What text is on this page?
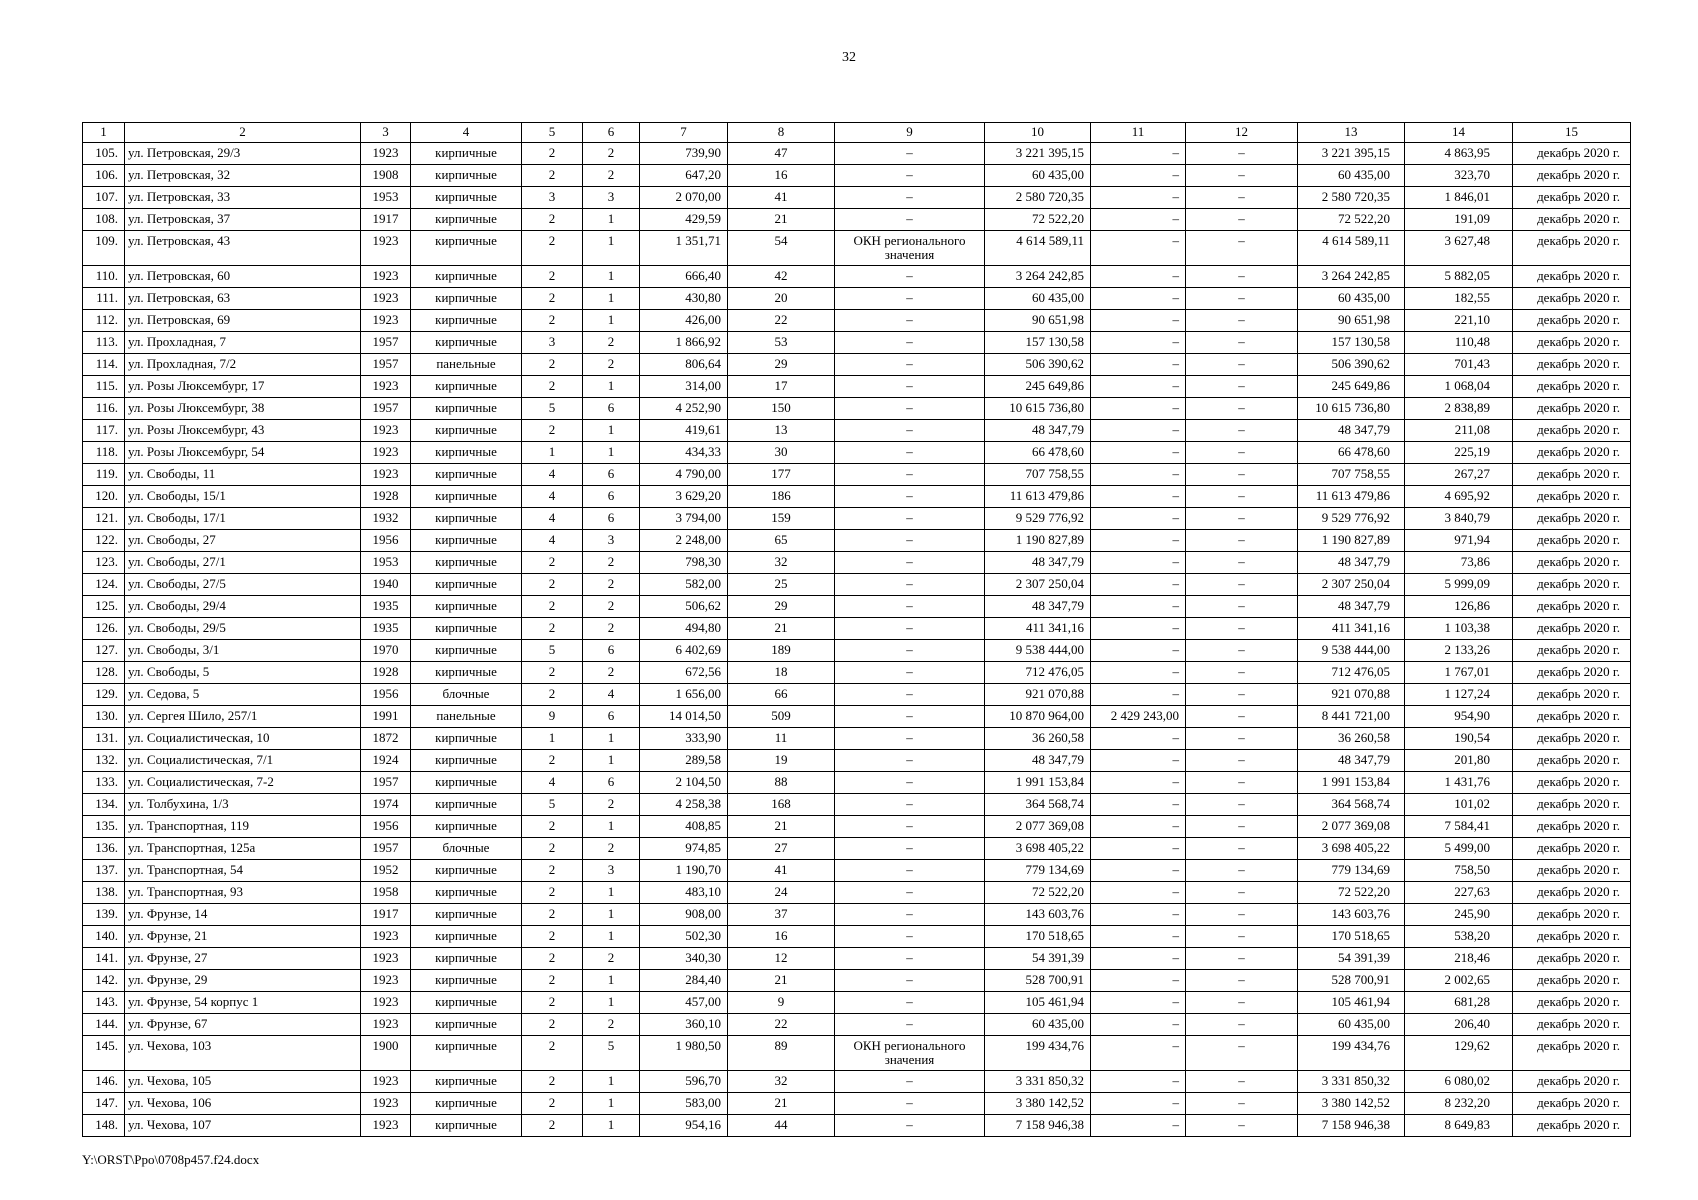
32
1	2	3	4	5	6	7	8	9	10	11	12	13	14	15
105.	ул. Петровская, 29/3	1923	кирпичные	2	2	739,90	47	–	3 221 395,15	–	–	3 221 395,15	4 863,95	декабрь 2020 г.
106.	ул. Петровская, 32	1908	кирпичные	2	2	647,20	16	–	60 435,00	–	–	60 435,00	323,70	декабрь 2020 г.
107.	ул. Петровская, 33	1953	кирпичные	3	3	2 070,00	41	–	2 580 720,35	–	–	2 580 720,35	1 846,01	декабрь 2020 г.
108.	ул. Петровская, 37	1917	кирпичные	2	1	429,59	21	–	72 522,20	–	–	72 522,20	191,09	декабрь 2020 г.
109.	ул. Петровская, 43	1923	кирпичные	2	1	1 351,71	54	ОКН регионального значения	4 614 589,11	–	–	4 614 589,11	3 627,48	декабрь 2020 г.
110.	ул. Петровская, 60	1923	кирпичные	2	1	666,40	42	–	3 264 242,85	–	–	3 264 242,85	5 882,05	декабрь 2020 г.
111.	ул. Петровская, 63	1923	кирпичные	2	1	430,80	20	–	60 435,00	–	–	60 435,00	182,55	декабрь 2020 г.
112.	ул. Петровская, 69	1923	кирпичные	2	1	426,00	22	–	90 651,98	–	–	90 651,98	221,10	декабрь 2020 г.
113.	ул. Прохладная, 7	1957	кирпичные	3	2	1 866,92	53	–	157 130,58	–	–	157 130,58	110,48	декабрь 2020 г.
114.	ул. Прохладная, 7/2	1957	панельные	2	2	806,64	29	–	506 390,62	–	–	506 390,62	701,43	декабрь 2020 г.
115.	ул. Розы Люксембург, 17	1923	кирпичные	2	1	314,00	17	–	245 649,86	–	–	245 649,86	1 068,04	декабрь 2020 г.
116.	ул. Розы Люксембург, 38	1957	кирпичные	5	6	4 252,90	150	–	10 615 736,80	–	–	10 615 736,80	2 838,89	декабрь 2020 г.
117.	ул. Розы Люксембург, 43	1923	кирпичные	2	1	419,61	13	–	48 347,79	–	–	48 347,79	211,08	декабрь 2020 г.
118.	ул. Розы Люксембург, 54	1923	кирпичные	1	1	434,33	30	–	66 478,60	–	–	66 478,60	225,19	декабрь 2020 г.
119.	ул. Свободы, 11	1923	кирпичные	4	6	4 790,00	177	–	707 758,55	–	–	707 758,55	267,27	декабрь 2020 г.
120.	ул. Свободы, 15/1	1928	кирпичные	4	6	3 629,20	186	–	11 613 479,86	–	–	11 613 479,86	4 695,92	декабрь 2020 г.
121.	ул. Свободы, 17/1	1932	кирпичные	4	6	3 794,00	159	–	9 529 776,92	–	–	9 529 776,92	3 840,79	декабрь 2020 г.
122.	ул. Свободы, 27	1956	кирпичные	4	3	2 248,00	65	–	1 190 827,89	–	–	1 190 827,89	971,94	декабрь 2020 г.
123.	ул. Свободы, 27/1	1953	кирпичные	2	2	798,30	32	–	48 347,79	–	–	48 347,79	73,86	декабрь 2020 г.
124.	ул. Свободы, 27/5	1940	кирпичные	2	2	582,00	25	–	2 307 250,04	–	–	2 307 250,04	5 999,09	декабрь 2020 г.
125.	ул. Свободы, 29/4	1935	кирпичные	2	2	506,62	29	–	48 347,79	–	–	48 347,79	126,86	декабрь 2020 г.
126.	ул. Свободы, 29/5	1935	кирпичные	2	2	494,80	21	–	411 341,16	–	–	411 341,16	1 103,38	декабрь 2020 г.
127.	ул. Свободы, 3/1	1970	кирпичные	5	6	6 402,69	189	–	9 538 444,00	–	–	9 538 444,00	2 133,26	декабрь 2020 г.
128.	ул. Свободы, 5	1928	кирпичные	2	2	672,56	18	–	712 476,05	–	–	712 476,05	1 767,01	декабрь 2020 г.
129.	ул. Седова, 5	1956	блочные	2	4	1 656,00	66	–	921 070,88	–	–	921 070,88	1 127,24	декабрь 2020 г.
130.	ул. Сергея Шило, 257/1	1991	панельные	9	6	14 014,50	509	–	10 870 964,00	2 429 243,00	–	8 441 721,00	954,90	декабрь 2020 г.
131.	ул. Социалистическая, 10	1872	кирпичные	1	1	333,90	11	–	36 260,58	–	–	36 260,58	190,54	декабрь 2020 г.
132.	ул. Социалистическая, 7/1	1924	кирпичные	2	1	289,58	19	–	48 347,79	–	–	48 347,79	201,80	декабрь 2020 г.
133.	ул. Социалистическая, 7-2	1957	кирпичные	4	6	2 104,50	88	–	1 991 153,84	–	–	1 991 153,84	1 431,76	декабрь 2020 г.
134.	ул. Толбухина, 1/3	1974	кирпичные	5	2	4 258,38	168	–	364 568,74	–	–	364 568,74	101,02	декабрь 2020 г.
135.	ул. Транспортная, 119	1956	кирпичные	2	1	408,85	21	–	2 077 369,08	–	–	2 077 369,08	7 584,41	декабрь 2020 г.
136.	ул. Транспортная, 125а	1957	блочные	2	2	974,85	27	–	3 698 405,22	–	–	3 698 405,22	5 499,00	декабрь 2020 г.
137.	ул. Транспортная, 54	1952	кирпичные	2	3	1 190,70	41	–	779 134,69	–	–	779 134,69	758,50	декабрь 2020 г.
138.	ул. Транспортная, 93	1958	кирпичные	2	1	483,10	24	–	72 522,20	–	–	72 522,20	227,63	декабрь 2020 г.
139.	ул. Фрунзе, 14	1917	кирпичные	2	1	908,00	37	–	143 603,76	–	–	143 603,76	245,90	декабрь 2020 г.
140.	ул. Фрунзе, 21	1923	кирпичные	2	1	502,30	16	–	170 518,65	–	–	170 518,65	538,20	декабрь 2020 г.
141.	ул. Фрунзе, 27	1923	кирпичные	2	2	340,30	12	–	54 391,39	–	–	54 391,39	218,46	декабрь 2020 г.
142.	ул. Фрунзе, 29	1923	кирпичные	2	1	284,40	21	–	528 700,91	–	–	528 700,91	2 002,65	декабрь 2020 г.
143.	ул. Фрунзе, 54 корпус 1	1923	кирпичные	2	1	457,00	9	–	105 461,94	–	–	105 461,94	681,28	декабрь 2020 г.
144.	ул. Фрунзе, 67	1923	кирпичные	2	2	360,10	22	–	60 435,00	–	–	60 435,00	206,40	декабрь 2020 г.
145.	ул. Чехова, 103	1900	кирпичные	2	5	1 980,50	89	ОКН регионального значения	199 434,76	–	–	199 434,76	129,62	декабрь 2020 г.
146.	ул. Чехова, 105	1923	кирпичные	2	1	596,70	32	–	3 331 850,32	–	–	3 331 850,32	6 080,02	декабрь 2020 г.
147.	ул. Чехова, 106	1923	кирпичные	2	1	583,00	21	–	3 380 142,52	–	–	3 380 142,52	8 232,20	декабрь 2020 г.
148.	ул. Чехова, 107	1923	кирпичные	2	1	954,16	44	–	7 158 946,38	–	–	7 158 946,38	8 649,83	декабрь 2020 г.
Y:\ORST\Ppo\0708p457.f24.docx
